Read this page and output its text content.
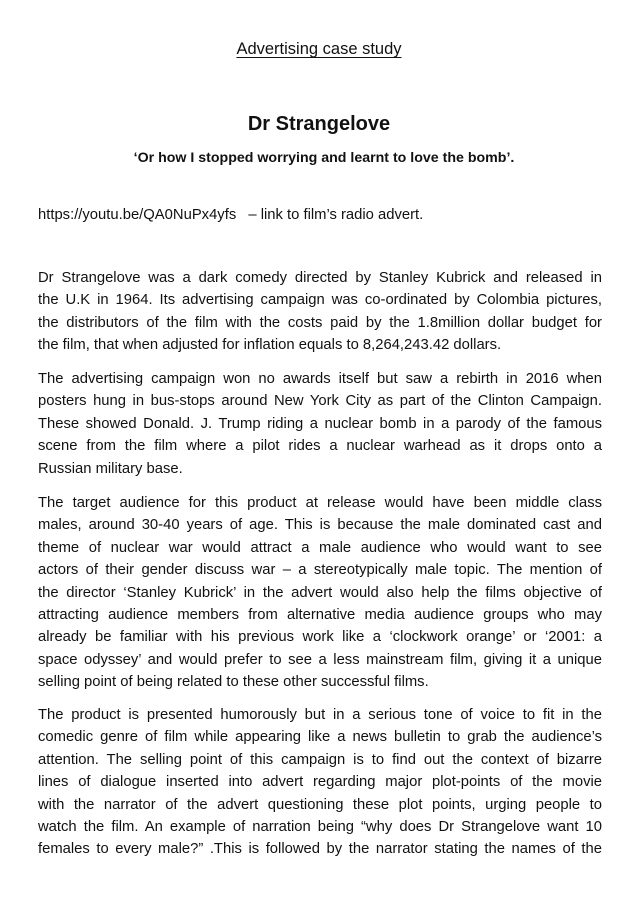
Advertising case study
Dr Strangelove
‘Or how I stopped worrying and learnt to love the bomb’.
https://youtu.be/QA0NuPx4yfs – link to film’s radio advert.
Dr Strangelove was a dark comedy directed by Stanley Kubrick and released in
the U.K in 1964. Its advertising campaign was co-ordinated by Colombia pictures,
the distributors of the film with the costs paid by the 1.8million dollar budget for
the film, that when adjusted for inflation equals to 8,264,243.42 dollars.
The advertising campaign won no awards itself but saw a rebirth in 2016 when
posters hung in bus-stops around New York City as part of the Clinton Campaign.
These showed Donald. J. Trump riding a nuclear bomb in a parody of the famous
scene from the film where a pilot rides a nuclear warhead as it drops onto a
Russian military base.
The target audience for this product at release would have been middle class
males, around 30-40 years of age. This is because the male dominated cast and
theme of nuclear war would attract a male audience who would want to see
actors of their gender discuss war – a stereotypically male topic. The mention of
the director ‘Stanley Kubrick’ in the advert would also help the films objective of
attracting audience members from alternative media audience groups who may
already be familiar with his previous work like a ‘clockwork orange’ or ‘2001: a
space odyssey’ and would prefer to see a less mainstream film, giving it a unique
selling point of being related to these other successful films.
The product is presented humorously but in a serious tone of voice to fit in the
comedic genre of film while appearing like a news bulletin to grab the audience’s
attention. The selling point of this campaign is to find out the context of bizarre
lines of dialogue inserted into advert regarding major plot-points of the movie
with the narrator of the advert questioning these plot points, urging people to
watch the film. An example of narration being “why does Dr Strangelove want 10
females to every male?” .This is followed by the narrator stating the names of the
